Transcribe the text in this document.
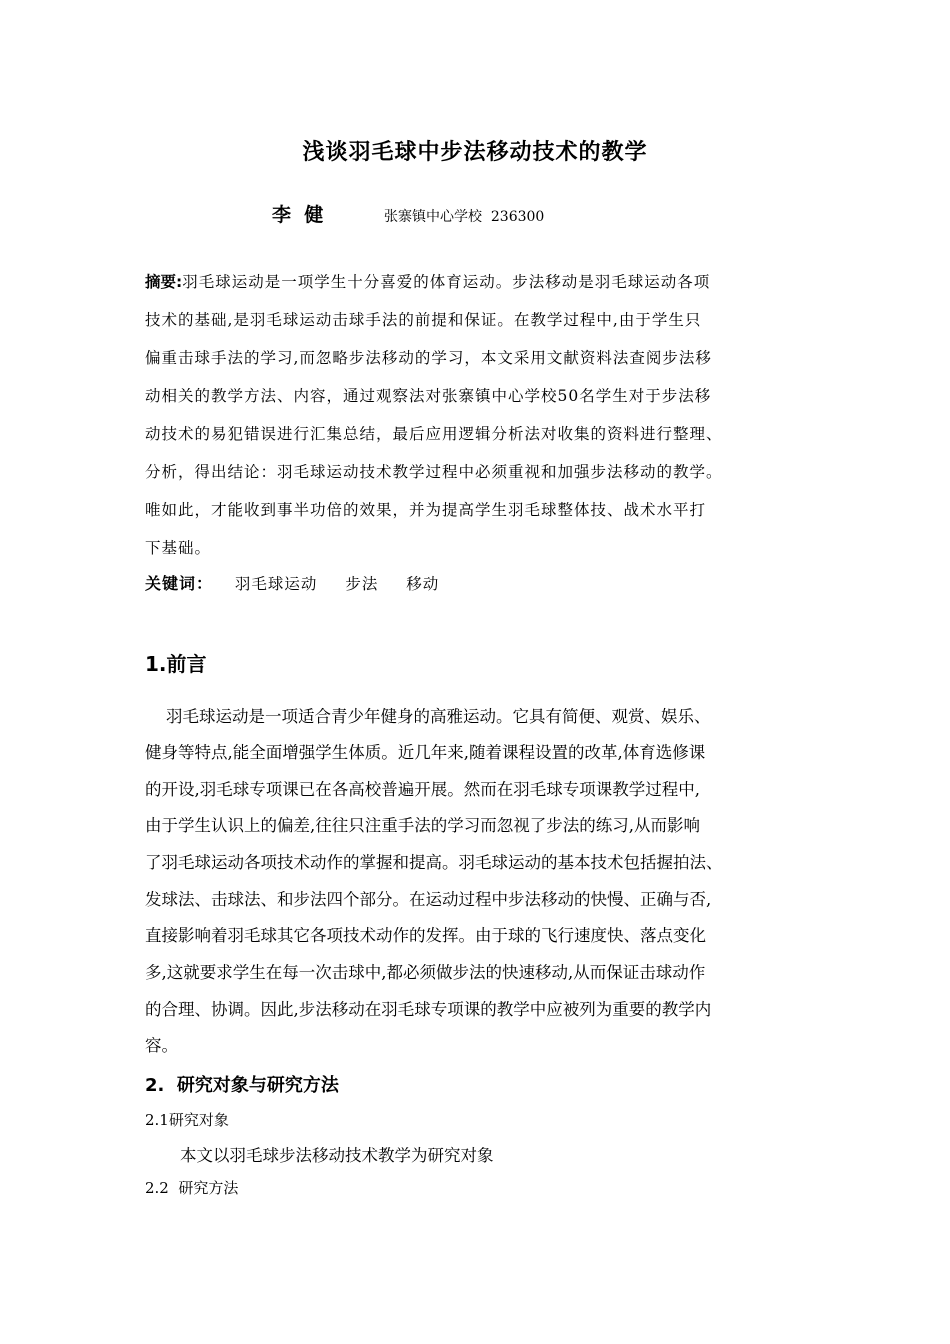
浅谈羽毛球中步法移动技术的教学
李  健	张寨镇中心学校  236300
摘要:羽毛球运动是一项学生十分喜爱的体育运动。步法移动是羽毛球运动各项
技术的基础,是羽毛球运动击球手法的前提和保证。在教学过程中,由于学生只
偏重击球手法的学习,而忽略步法移动的学习，本文采用文献资料法查阅步法移
动相关的教学方法、内容，通过观察法对张寨镇中心学校50名学生对于步法移
动技术的易犯错误进行汇集总结，最后应用逻辑分析法对收集的资料进行整理、
分析，得出结论：羽毛球运动技术教学过程中必须重视和加强步法移动的教学。
唯如此，才能收到事半功倍的效果，并为提高学生羽毛球整体技、战术水平打
下基础。
关键词： 羽毛球运动 步法 移动
1.前言
羽毛球运动是一项适合青少年健身的高雅运动。它具有简便、观赏、娱乐、
健身等特点,能全面增强学生体质。近几年来,随着课程设置的改革,体育选修课
的开设,羽毛球专项课已在各高校普遍开展。然而在羽毛球专项课教学过程中,
由于学生认识上的偏差,往往只注重手法的学习而忽视了步法的练习,从而影响
了羽毛球运动各项技术动作的掌握和提高。羽毛球运动的基本技术包括握拍法、
发球法、击球法、和步法四个部分。在运动过程中步法移动的快慢、正确与否,
直接影响着羽毛球其它各项技术动作的发挥。由于球的飞行速度快、落点变化
多,这就要求学生在每一次击球中,都必须做步法的快速移动,从而保证击球动作
的合理、协调。因此,步法移动在羽毛球专项课的教学中应被列为重要的教学内
容。
2.  研究对象与研究方法
2.1研究对象
本文以羽毛球步法移动技术教学为研究对象
2.2  研究方法
